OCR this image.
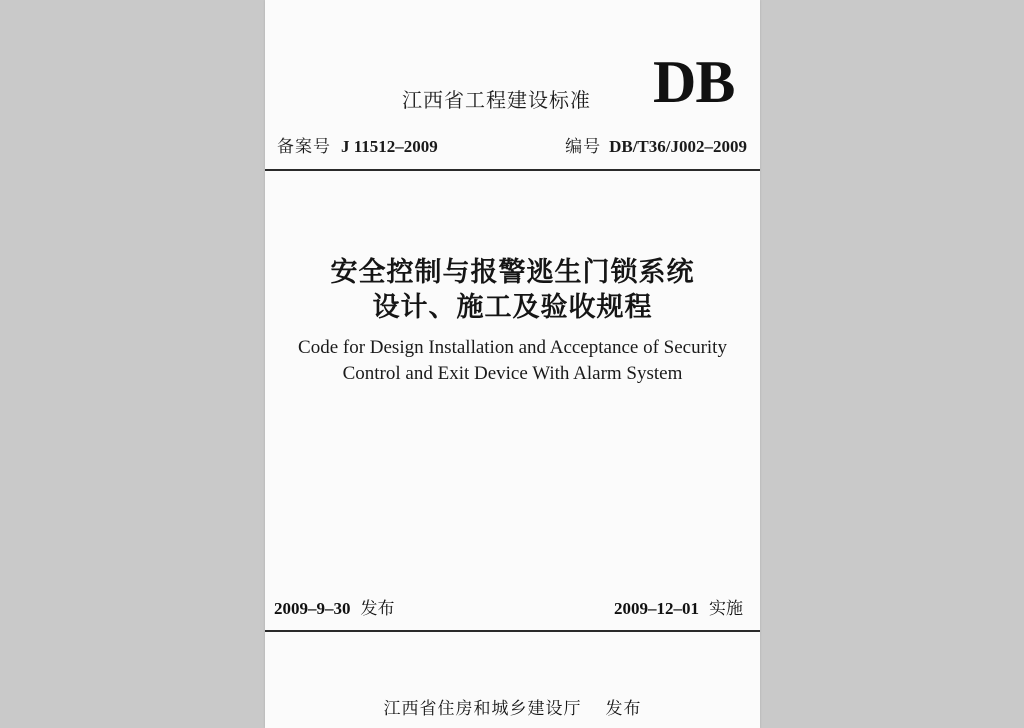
江西省工程建设标准 DB
备案号 J 11512–2009	编号 DB/T36/J002–2009
安全控制与报警逃生门锁系统
设计、施工及验收规程
Code for Design Installation and Acceptance of Security
Control and Exit Device With Alarm System
2009–9–30 发布	2009–12–01 实施
江西省住房和城乡建设厅 发布
